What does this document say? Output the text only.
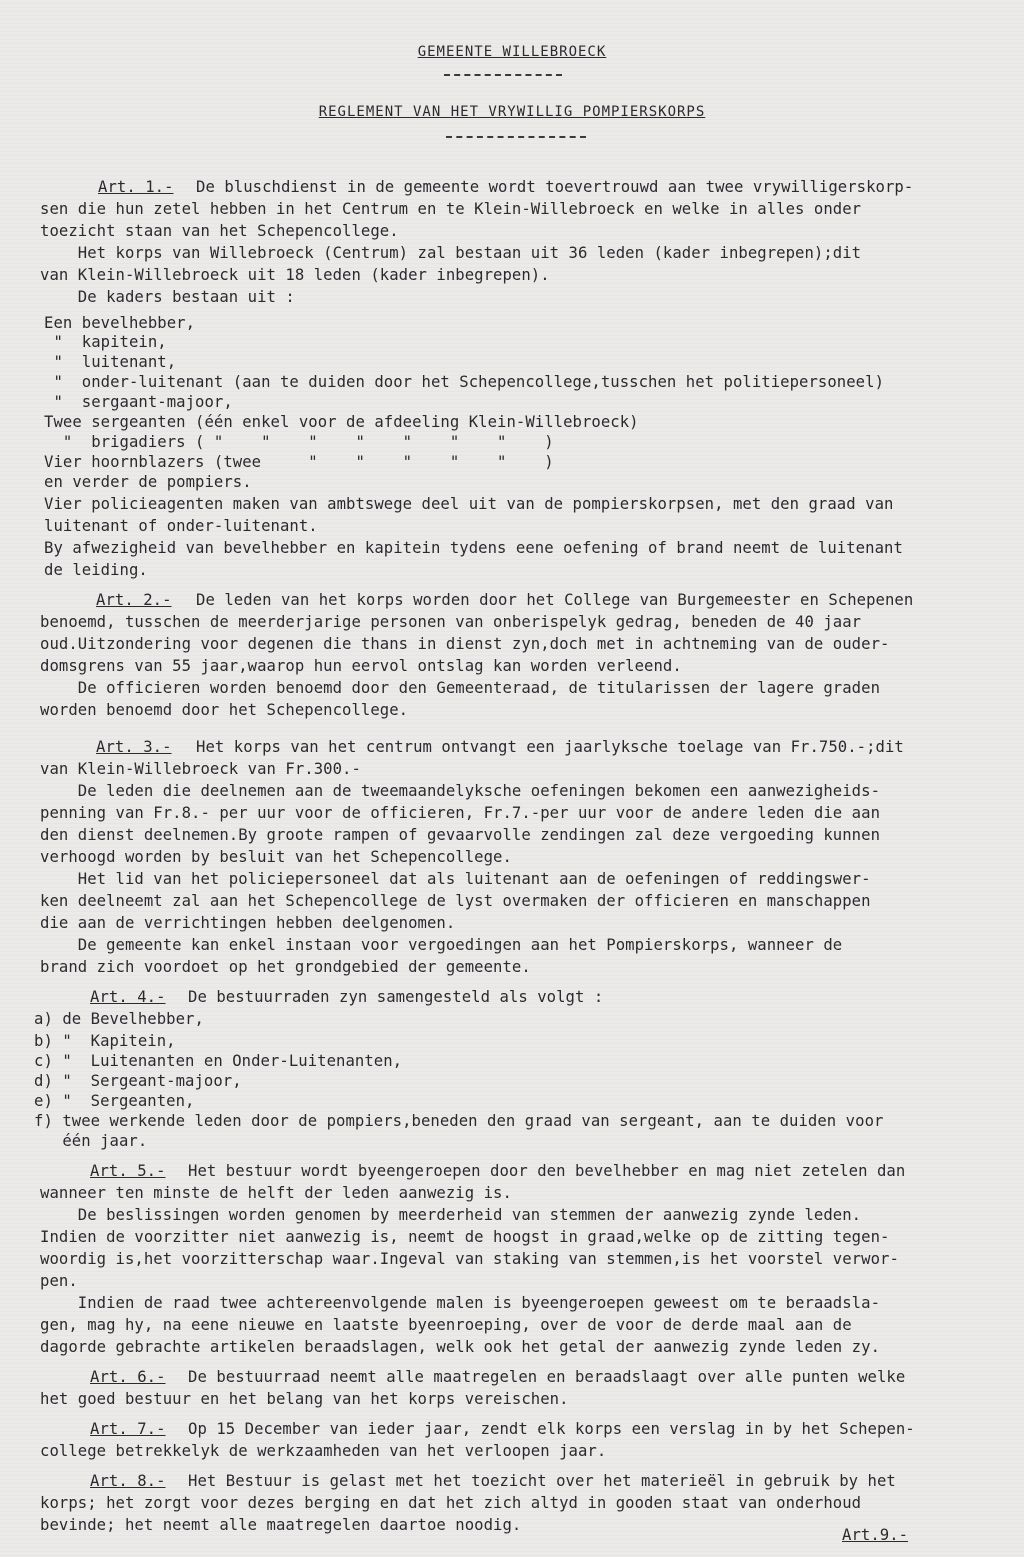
GEMEENTE WILLEBROECK
REGLEMENT VAN HET VRYWILLIG POMPIERSKORPS
Art. 1.- De bluschdienst in de gemeente wordt toevertrouwd aan twee vrywilligerskorp-
sen die hun zetel hebben in het Centrum en te Klein-Willebroeck en welke in alles onder
toezicht staan van het Schepencollege.
Het korps van Willebroeck (Centrum) zal bestaan uit 36 leden (kader inbegrepen);dit
van Klein-Willebroeck uit 18 leden (kader inbegrepen).
De kaders bestaan uit :
Een bevelhebber,
"  kapitein,
"  luitenant,
"  onder-luitenant (aan te duiden door het Schepencollege,tusschen het politiepersoneel)
"  sergaant-majoor,
Twee sergeanten (één enkel voor de afdeeling Klein-Willebroeck)
"  brigadiers ( "    "    "    "    "    "    "    )
Vier hoornblazers (twee     "    "    "    "    "    )
en verder de pompiers.
Vier policieagenten maken van ambtswege deel uit van de pompierskorpsen, met den graad van
luitenant of onder-luitenant.
By afwezigheid van bevelhebber en kapitein tydens eene oefening of brand neemt de luitenant
de leiding.
Art. 2.- De leden van het korps worden door het College van Burgemeester en Schepenen
benoemd, tusschen de meerderjarige personen van onberispelyk gedrag, beneden de 40 jaar
oud.Uitzondering voor degenen die thans in dienst zyn,doch met in achtneming van de ouder-
domsgrens van 55 jaar,waarop hun eervol ontslag kan worden verleend.
De officieren worden benoemd door den Gemeenteraad, de titularissen der lagere graden
worden benoemd door het Schepencollege.
Art. 3.- Het korps van het centrum ontvangt een jaarlyksche toelage van Fr.750.-;dit
van Klein-Willebroeck van Fr.300.-
De leden die deelnemen aan de tweemaandelyksche oefeningen bekomen een aanwezigheids-
penning van Fr.8.- per uur voor de officieren, Fr.7.-per uur voor de andere leden die aan
den dienst deelnemen.By groote rampen of gevaarvolle zendingen zal deze vergoeding kunnen
verhoogd worden by besluit van het Schepencollege.
Het lid van het policiepersoneel dat als luitenant aan de oefeningen of reddingswer-
ken deelneemt zal aan het Schepencollege de lyst overmaken der officieren en manschappen
die aan de verrichtingen hebben deelgenomen.
De gemeente kan enkel instaan voor vergoedingen aan het Pompierskorps, wanneer de
brand zich voordoet op het grondgebied der gemeente.
Art. 4.- De bestuurraden zyn samengesteld als volgt :
a) de Bevelhebber,
b) "  Kapitein,
c) "  Luitenanten en Onder-Luitenanten,
d) "  Sergeant-majoor,
e) "  Sergeanten,
f) twee werkende leden door de pompiers,beneden den graad van sergeant, aan te duiden voor
één jaar.
Art. 5.- Het bestuur wordt byeengeroepen door den bevelhebber en mag niet zetelen dan
wanneer ten minste de helft der leden aanwezig is.
De beslissingen worden genomen by meerderheid van stemmen der aanwezig zynde leden.
Indien de voorzitter niet aanwezig is, neemt de hoogst in graad,welke op de zitting tegen-
woordig is,het voorzitterschap waar.Ingeval van staking van stemmen,is het voorstel verwor-
pen.
Indien de raad twee achtereenvolgende malen is byeengeroepen geweest om te beraadsla-
gen, mag hy, na eene nieuwe en laatste byeenroeping, over de voor de derde maal aan de
dagorde gebrachte artikelen beraadslagen, welk ook het getal der aanwezig zynde leden zy.
Art. 6.- De bestuurraad neemt alle maatregelen en beraadslaagt over alle punten welke
het goed bestuur en het belang van het korps vereischen.
Art. 7.- Op 15 December van ieder jaar, zendt elk korps een verslag in by het Schepen-
college betrekkelyk de werkzaamheden van het verloopen jaar.
Art. 8.- Het Bestuur is gelast met het toezicht over het materieël in gebruik by het
korps; het zorgt voor dezes berging en dat het zich altyd in gooden staat van onderhoud
bevinde; het neemt alle maatregelen daartoe noodig.
Art.9.-
